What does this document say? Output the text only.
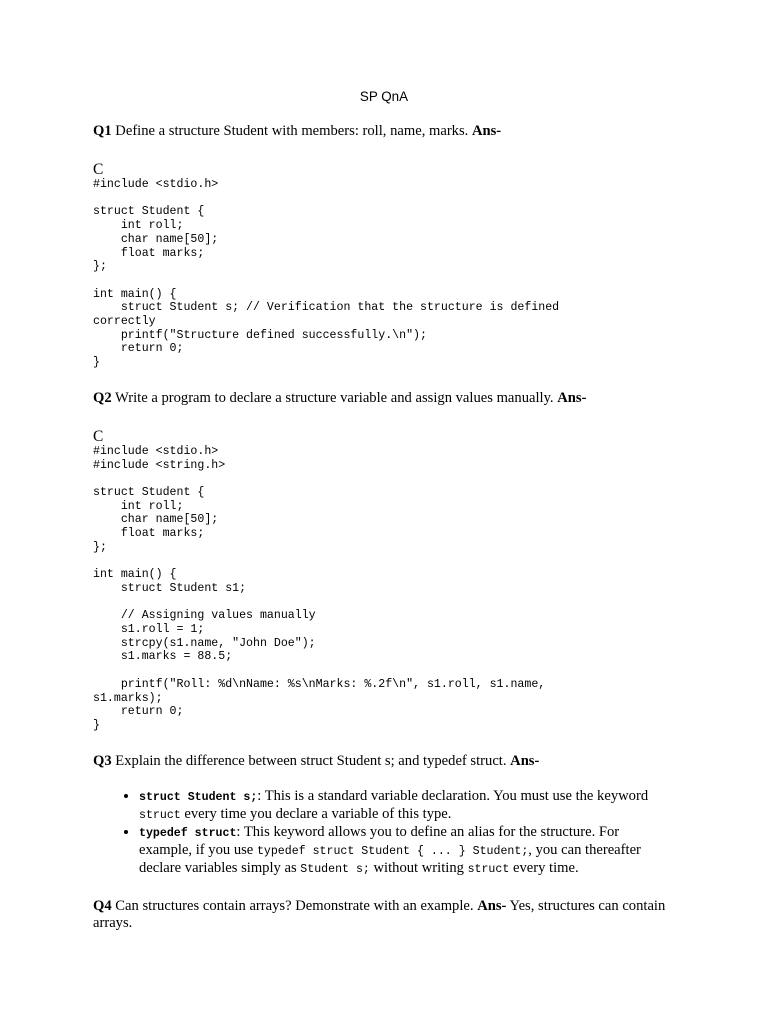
SP QnA

Q1 Define a structure Student with members: roll, name, marks. Ans-

C
#include <stdio.h>

struct Student {
int roll;
char name[50];
float marks;
};

int main() {
struct Student s; // Verification that the structure is defined
correctly
printf("Structure defined successfully.\n");
return 0;
}

Q2 Write a program to declare a structure variable and assign values manually. Ans-

C
#include <stdio.h>
#include <string.h>

struct Student {
int roll;
char name[50];
float marks;
};

int main() {
struct Student s1;

// Assigning values manually
s1.roll = 1;
strcpy(s1.name, "John Doe");
s1.marks = 88.5;

printf("Roll: %d\nName: %s\nMarks: %.2f\n", s1.roll, s1.name,
s1.marks);
return 0;
}

Q3 Explain the difference between struct Student s; and typedef struct. Ans-

• struct Student s;: This is a standard variable declaration. You must use the keyword struct every time you declare a variable of this type.
• typedef struct: This keyword allows you to define an alias for the structure. For example, if you use typedef struct Student { ... } Student;, you can thereafter declare variables simply as Student s; without writing struct every time.

Q4 Can structures contain arrays? Demonstrate with an example. Ans- Yes, structures can contain arrays.
